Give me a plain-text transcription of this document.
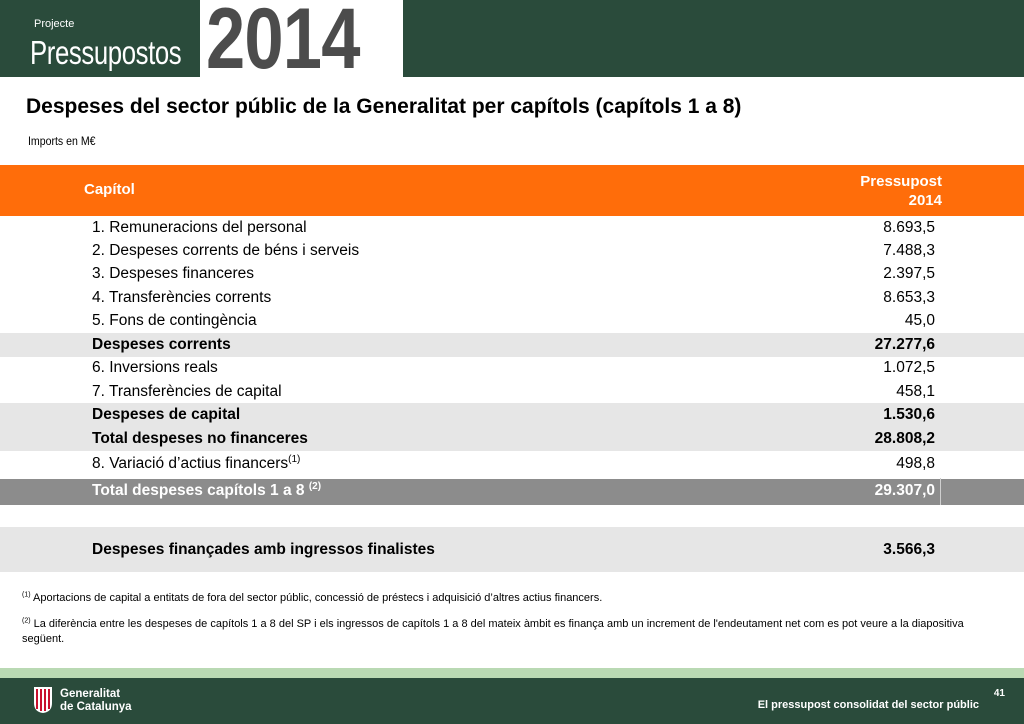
Projecte
Pressupostos 2014
Despeses del sector públic de la Generalitat per capítols (capítols 1 a 8)
Imports en M€
Capítol	Pressupost
2014
1. Remuneracions del personal	8.693,5
2. Despeses corrents de béns i serveis	7.488,3
3. Despeses financeres	2.397,5
4. Transferències corrents	8.653,3
5. Fons de contingència	45,0
Despeses corrents	27.277,6
6. Inversions reals	1.072,5
7. Transferències de capital	458,1
Despeses de capital	1.530,6
Total despeses no financeres	28.808,2
8. Variació d’actius financers$^{(1)}$	498,8
Total despeses capítols 1 a 8 $^{(2)}$	29.307,0
Despeses finançades amb ingressos finalistes	3.566,3
$^{(1)}$ Aportacions de capital a entitats de fora del sector públic, concessió de préstecs i adquisició d’altres actius financers.
$^{(2)}$ La diferència entre les despeses de capítols 1 a 8 del SP i els ingressos de capítols 1 a 8 del mateix àmbit es finança amb un increment de l'endeutament net com es pot veure a la diapositiva següent.
Generalitat
de Catalunya
41
El pressupost consolidat del sector públic
